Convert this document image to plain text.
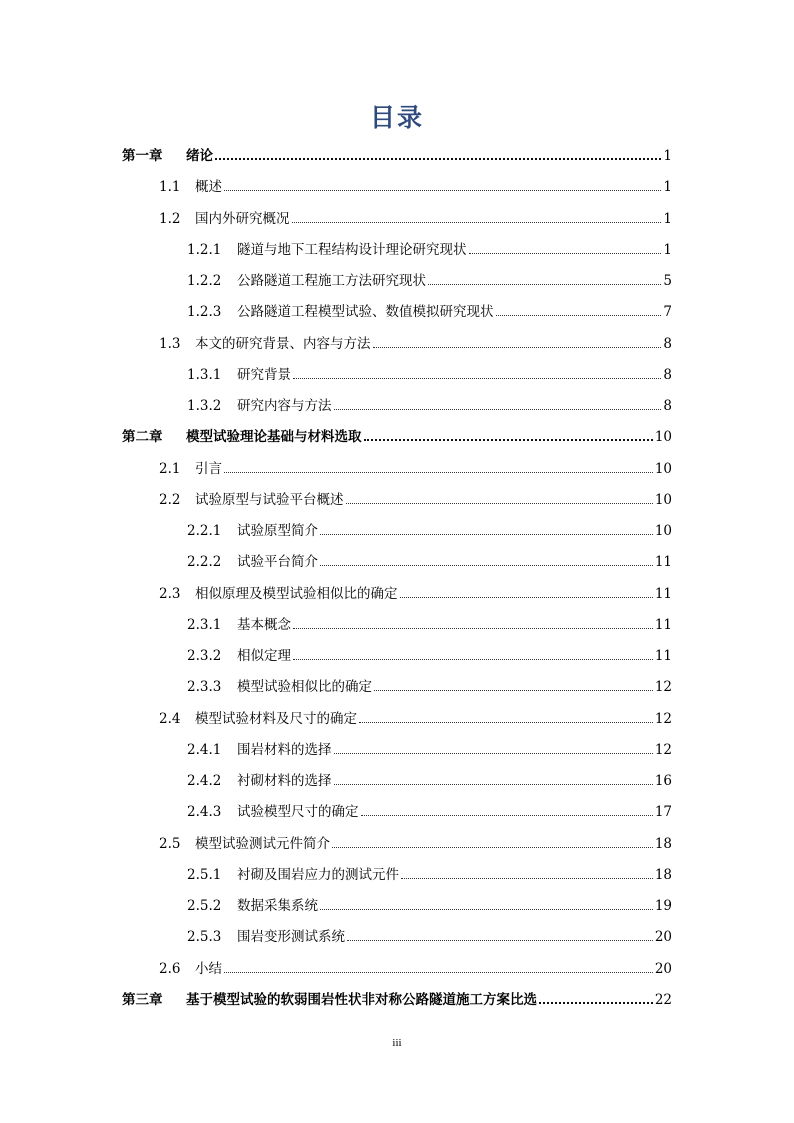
目录
第一章	绪论	1
1.1	概述	1
1.2	国内外研究概况	1
1.2.1	隧道与地下工程结构设计理论研究现状	1
1.2.2	公路隧道工程施工方法研究现状	5
1.2.3	公路隧道工程模型试验、数值模拟研究现状	7
1.3	本文的研究背景、内容与方法	8
1.3.1	研究背景	8
1.3.2	研究内容与方法	8
第二章	模型试验理论基础与材料选取	10
2.1	引言	10
2.2	试验原型与试验平台概述	10
2.2.1	试验原型简介	10
2.2.2	试验平台简介	11
2.3	相似原理及模型试验相似比的确定	11
2.3.1	基本概念	11
2.3.2	相似定理	11
2.3.3	模型试验相似比的确定	12
2.4	模型试验材料及尺寸的确定	12
2.4.1	围岩材料的选择	12
2.4.2	衬砌材料的选择	16
2.4.3	试验模型尺寸的确定	17
2.5	模型试验测试元件简介	18
2.5.1	衬砌及围岩应力的测试元件	18
2.5.2	数据采集系统	19
2.5.3	围岩变形测试系统	20
2.6	小结	20
第三章	基于模型试验的软弱围岩性状非对称公路隧道施工方案比选	22
iii
